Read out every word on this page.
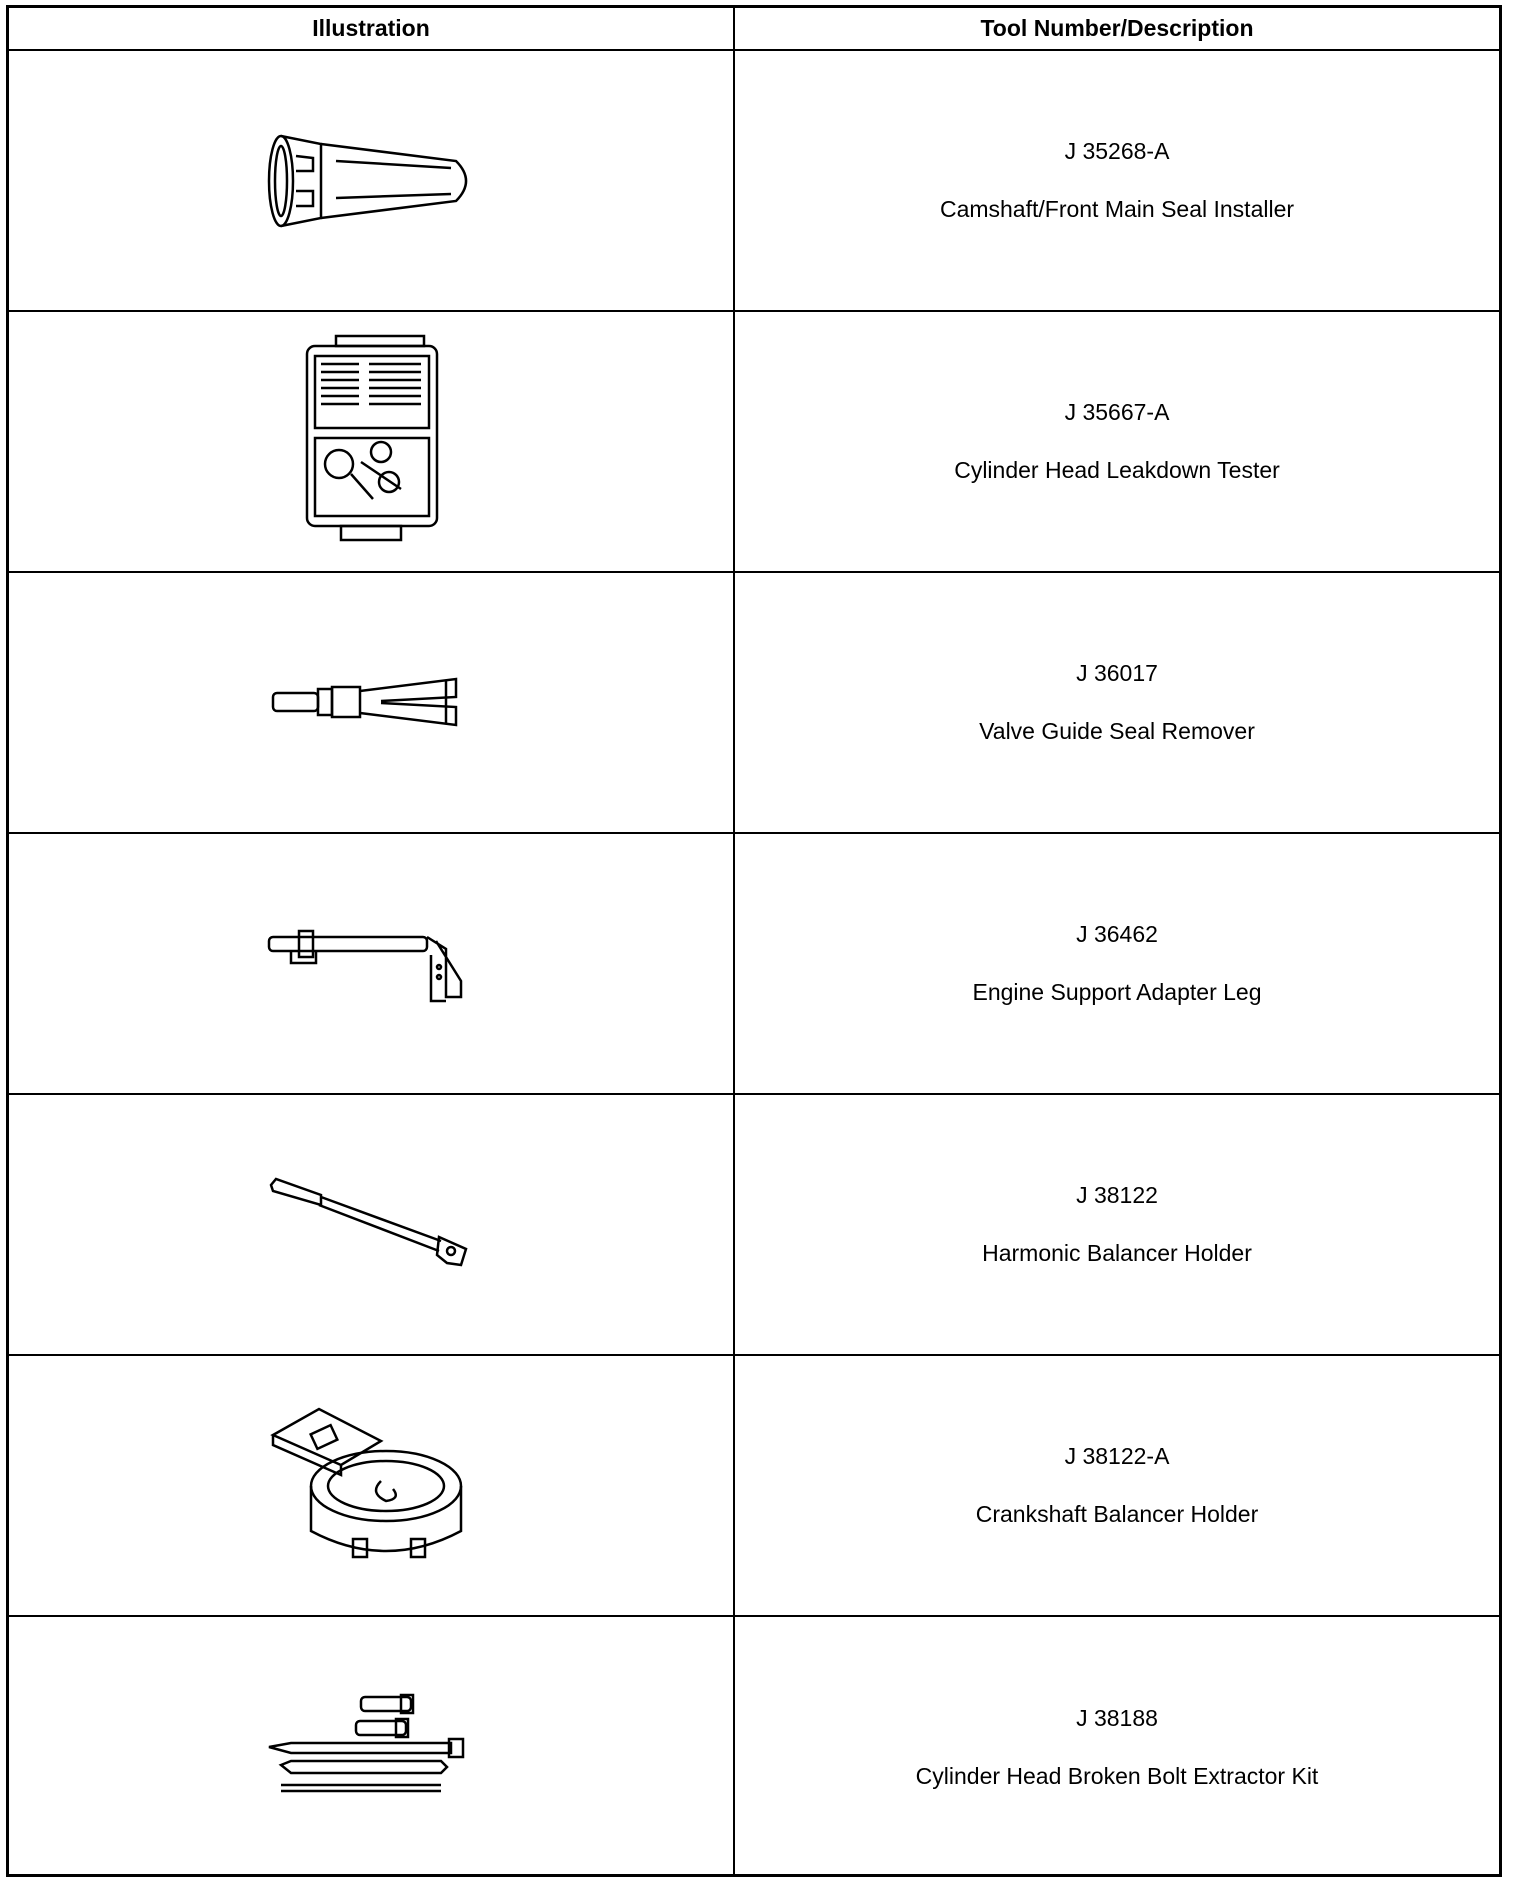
Illustration	Tool Number/Description
J 35268-A
Camshaft/Front Main Seal Installer
J 35667-A
Cylinder Head Leakdown Tester
J 36017
Valve Guide Seal Remover
J 36462
Engine Support Adapter Leg
J 38122
Harmonic Balancer Holder
J 38122-A
Crankshaft Balancer Holder
J 38188
Cylinder Head Broken Bolt Extractor Kit
